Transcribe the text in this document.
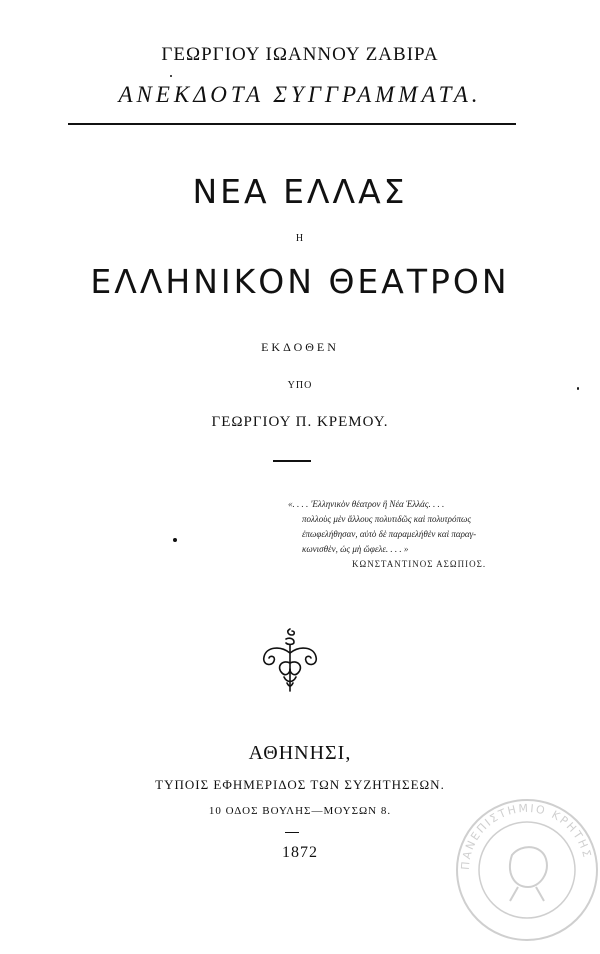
ΓΕΩΡΓΙΟΥ ΙΩΑΝΝΟΥ ΖΑΒΙΡΑ
ΑΝΕΚΔΟΤΑ ΣΥΓΓΡΑΜΜΑΤΑ.
ΝΕΑ ΕΛΛΑΣ
Η
ΕΛΛΗΝΙΚΟΝ ΘΕΑΤΡΟΝ
ΕΚΔΟΘΕΝ
ΥΠΟ
ΓΕΩΡΓΙΟΥ Π. ΚΡΕΜΟΥ.
«. . . . 'Ελληνικὸν θέατρον ἢ Νέα Ἑλλάς. . . .
πολλοὺς μὲν ἄλλους πολυτιδῶς καὶ πολυτρόπως
ἐπωφελήθησαν, αὐτὸ δὲ παραμελήθὲν καὶ παραγ-
κωνισθὲν, ὡς μὴ ὤφελε. . . . »
ΚΩΝΣΤΑΝΤΙΝΟΣ ΑΣΩΠΙΟΣ.
ΑΘΗΝΗΣΙ,
ΤΥΠΟΙΣ ΕΦΗΜΕΡΙΔΟΣ ΤΩΝ ΣΥΖΗΤΗΣΕΩΝ.
10 ΟΔΟΣ ΒΟΥΛΗΣ—ΜΟΥΣΩΝ 8.
1872
ΠΑΝΕΠΙΣΤΗΜΙΟ ΚΡΗΤΗΣ
